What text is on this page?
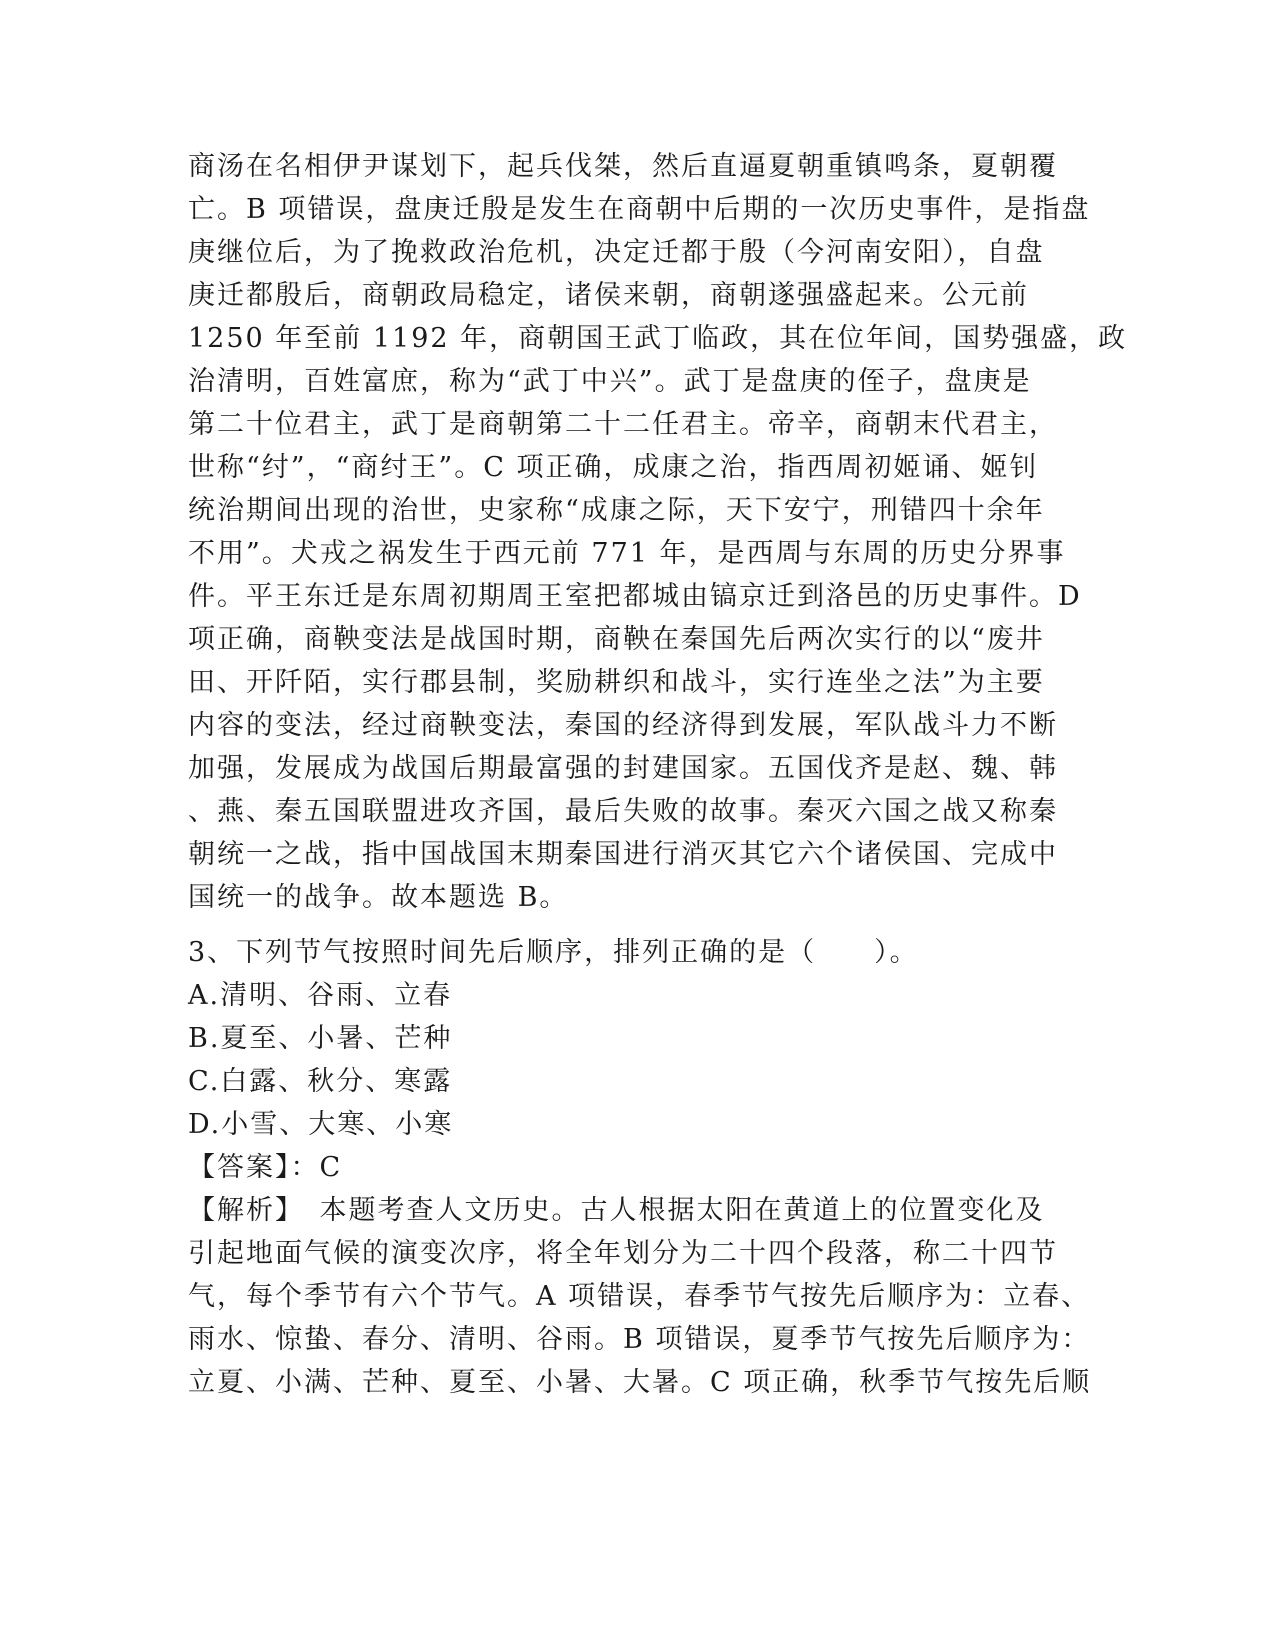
商汤在名相伊尹谋划下，起兵伐桀，然后直逼夏朝重镇鸣条，夏朝覆
亡。B 项错误，盘庚迁殷是发生在商朝中后期的一次历史事件，是指盘
庚继位后，为了挽救政治危机，决定迁都于殷（今河南安阳），自盘
庚迁都殷后，商朝政局稳定，诸侯来朝，商朝遂强盛起来。公元前
1250 年至前 1192 年，商朝国王武丁临政，其在位年间，国势强盛，政
治清明，百姓富庶，称为“武丁中兴”。武丁是盘庚的侄子，盘庚是
第二十位君主，武丁是商朝第二十二任君主。帝辛，商朝末代君主，
世称“纣”，“商纣王”。C 项正确，成康之治，指西周初姬诵、姬钊
统治期间出现的治世，史家称“成康之际，天下安宁，刑错四十余年
不用”。犬戎之祸发生于西元前 771 年，是西周与东周的历史分界事
件。平王东迁是东周初期周王室把都城由镐京迁到洛邑的历史事件。D
项正确，商鞅变法是战国时期，商鞅在秦国先后两次实行的以“废井
田、开阡陌，实行郡县制，奖励耕织和战斗，实行连坐之法”为主要
内容的变法，经过商鞅变法，秦国的经济得到发展，军队战斗力不断
加强，发展成为战国后期最富强的封建国家。五国伐齐是赵、魏、韩
、燕、秦五国联盟进攻齐国，最后失败的故事。秦灭六国之战又称秦
朝统一之战，指中国战国末期秦国进行消灭其它六个诸侯国、完成中
国统一的战争。故本题选 B。
3、下列节气按照时间先后顺序，排列正确的是（　　）。
A.清明、谷雨、立春
B.夏至、小暑、芒种
C.白露、秋分、寒露
D.小雪、大寒、小寒
【答案】：C
【解析】　本题考查人文历史。古人根据太阳在黄道上的位置变化及
引起地面气候的演变次序，将全年划分为二十四个段落，称二十四节
气，每个季节有六个节气。A 项错误，春季节气按先后顺序为：立春、
雨水、惊蛰、春分、清明、谷雨。B 项错误，夏季节气按先后顺序为：
立夏、小满、芒种、夏至、小暑、大暑。C 项正确，秋季节气按先后顺
